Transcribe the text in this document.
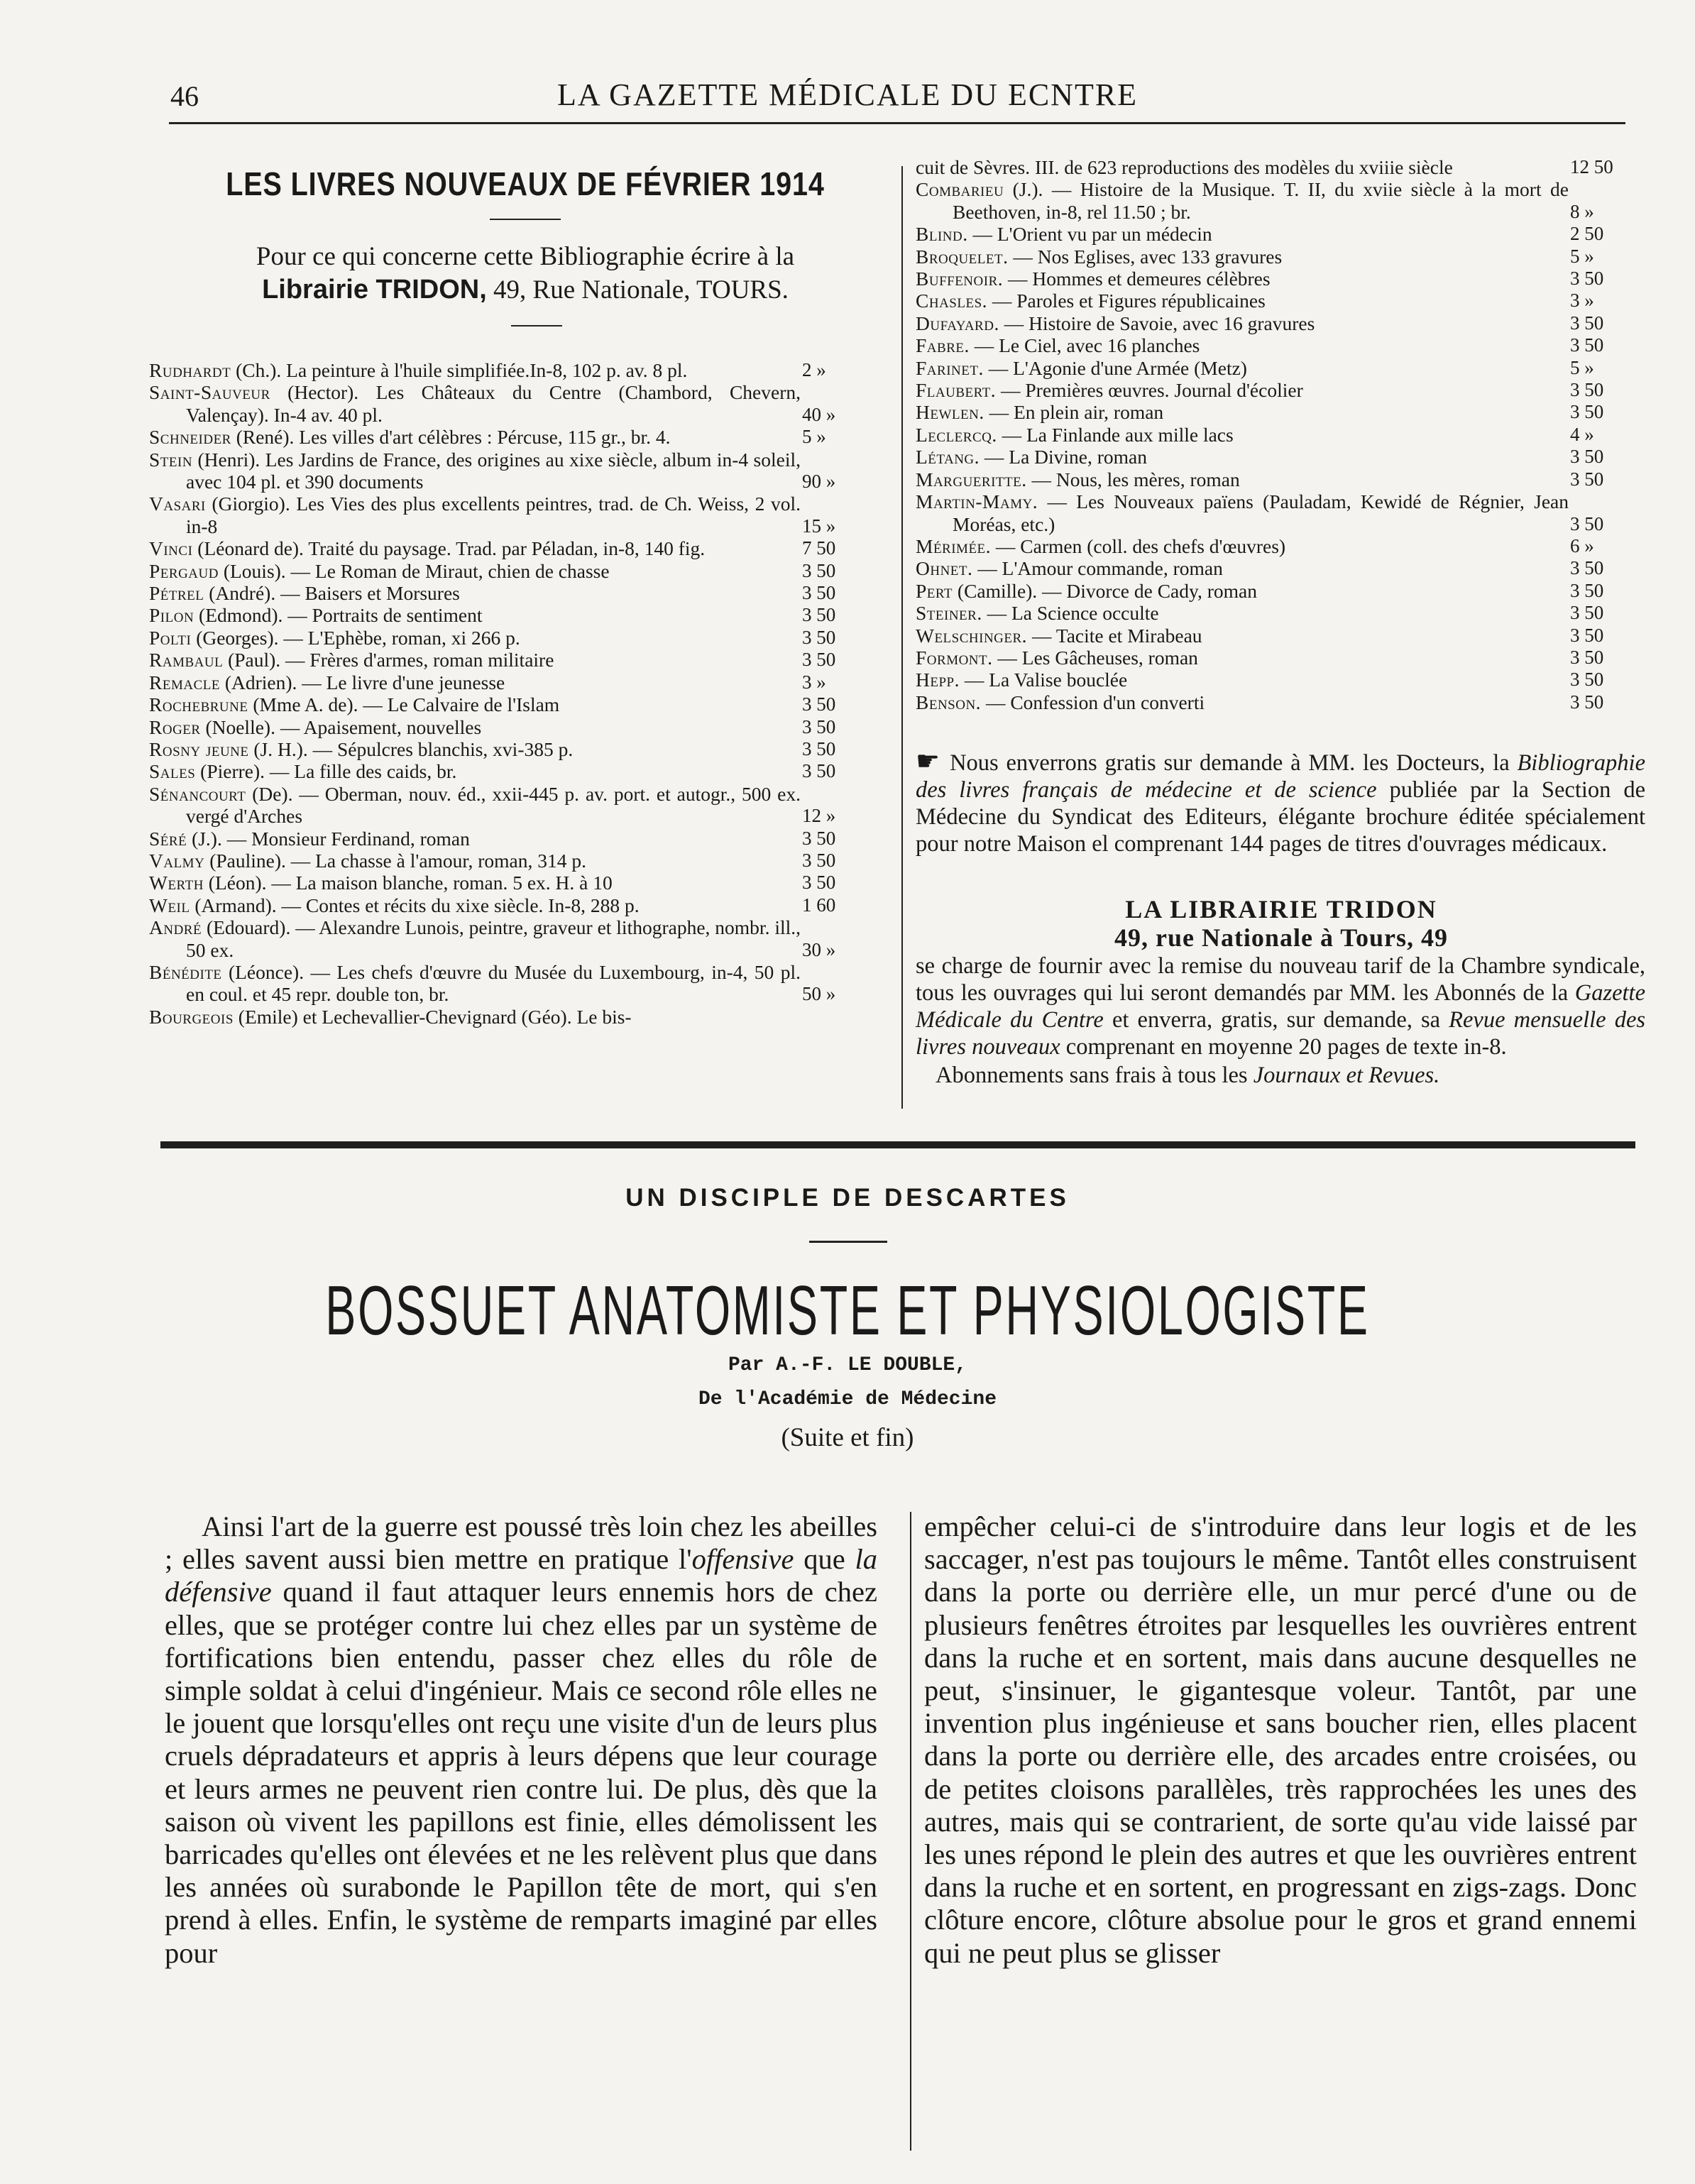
46	LA GAZETTE MÉDICALE DU ECNTRE
LES LIVRES NOUVEAUX DE FÉVRIER 1914
Pour ce qui concerne cette Bibliographie écrire à la
Librairie TRIDON, 49, Rue Nationale, TOURS.
Rudhardt (Ch.). La peinture à l'huile simplifiée.In-8, 102 p. av. 8 pl.	2 »
Saint-Sauveur (Hector). Les Châteaux du Centre (Chambord, Chevern, Valençay). In-4 av. 40 pl.	40 »
Schneider (René). Les villes d'art célèbres : Pércuse, 115 gr., br. 4.	5 »
Stein (Henri). Les Jardins de France, des origines au xixe siècle, album in-4 soleil, avec 104 pl. et 390 documents	90 »
Vasari (Giorgio). Les Vies des plus excellents peintres, trad. de Ch. Weiss, 2 vol. in-8	15 »
Vinci (Léonard de). Traité du paysage. Trad. par Péladan, in-8, 140 fig.	7 50
Pergaud (Louis). — Le Roman de Miraut, chien de chasse	3 50
Pétrel (André). — Baisers et Morsures	3 50
Pilon (Edmond). — Portraits de sentiment	3 50
Polti (Georges). — L'Ephèbe, roman, xi 266 p.	3 50
Rambaul (Paul). — Frères d'armes, roman militaire	3 50
Remacle (Adrien). — Le livre d'une jeunesse	3 »
Rochebrune (Mme A. de). — Le Calvaire de l'Islam	3 50
Roger (Noelle). — Apaisement, nouvelles	3 50
Rosny jeune (J. H.). — Sépulcres blanchis, xvi-385 p.	3 50
Sales (Pierre). — La fille des caids, br.	3 50
Sénancourt (De). — Oberman, nouv. éd., xxii-445 p. av. port. et autogr., 500 ex. vergé d'Arches	12 »
Séré (J.). — Monsieur Ferdinand, roman	3 50
Valmy (Pauline). — La chasse à l'amour, roman, 314 p.	3 50
Werth (Léon). — La maison blanche, roman. 5 ex. H. à 10	3 50
Weil (Armand). — Contes et récits du xixe siècle. In-8, 288 p.	1 60
André (Edouard). — Alexandre Lunois, peintre, graveur et lithographe, nombr. ill., 50 ex.	30 »
Bénédite (Léonce). — Les chefs d'œuvre du Musée du Luxembourg, in-4, 50 pl. en coul. et 45 repr. double ton, br.	50 »
Bourgeois (Emile) et Lechevallier-Chevignard (Géo). Le bis-
cuit de Sèvres. III. de 623 reproductions des modèles du xviiie siècle	12 50
Combarieu (J.). — Histoire de la Musique. T. II, du xviie siècle à la mort de Beethoven, in-8, rel 11.50 ; br.	8 »
Blind. — L'Orient vu par un médecin	2 50
Broquelet. — Nos Eglises, avec 133 gravures	5 »
Buffenoir. — Hommes et demeures célèbres	3 50
Chasles. — Paroles et Figures républicaines	3 »
Dufayard. — Histoire de Savoie, avec 16 gravures	3 50
Fabre. — Le Ciel, avec 16 planches	3 50
Farinet. — L'Agonie d'une Armée (Metz)	5 »
Flaubert. — Premières œuvres. Journal d'écolier	3 50
Hewlen. — En plein air, roman	3 50
Leclercq. — La Finlande aux mille lacs	4 »
Létang. — La Divine, roman	3 50
Margueritte. — Nous, les mères, roman	3 50
Martin-Mamy. — Les Nouveaux païens (Pauladam, Kewidé de Régnier, Jean Moréas, etc.)	3 50
Mérimée. — Carmen (coll. des chefs d'œuvres)	6 »
Ohnet. — L'Amour commande, roman	3 50
Pert (Camille). — Divorce de Cady, roman	3 50
Steiner. — La Science occulte	3 50
Welschinger. — Tacite et Mirabeau	3 50
Formont. — Les Gâcheuses, roman	3 50
Hepp. — La Valise bouclée	3 50
Benson. — Confession d'un converti	3 50
☛ Nous enverrons gratis sur demande à MM. les Docteurs, la Bibliographie des livres français de médecine et de science publiée par la Section de Médecine du Syndicat des Editeurs, élégante brochure éditée spécialement pour notre Maison el comprenant 144 pages de titres d'ouvrages médicaux.
LA LIBRAIRIE TRIDON
49, rue Nationale à Tours, 49
se charge de fournir avec la remise du nouveau tarif de la Chambre syndicale, tous les ouvrages qui lui seront demandés par MM. les Abonnés de la Gazette Médicale du Centre et enverra, gratis, sur demande, sa Revue mensuelle des livres nouveaux comprenant en moyenne 20 pages de texte in-8.
Abonnements sans frais à tous les Journaux et Revues.
UN DISCIPLE DE DESCARTES
BOSSUET ANATOMISTE ET PHYSIOLOGISTE
Par A.-F. LE DOUBLE,
De l'Académie de Médecine
(Suite et fin)
Ainsi l'art de la guerre est poussé très loin chez les abeilles ; elles savent aussi bien mettre en pratique l'offensive que la défensive quand il faut attaquer leurs ennemis hors de chez elles, que se protéger contre lui chez elles par un système de fortifications bien entendu, passer chez elles du rôle de simple soldat à celui d'ingénieur. Mais ce second rôle elles ne le jouent que lorsqu'elles ont reçu une visite d'un de leurs plus cruels dépradateurs et appris à leurs dépens que leur courage et leurs armes ne peuvent rien contre lui. De plus, dès que la saison où vivent les papillons est finie, elles démolissent les barricades qu'elles ont élevées et ne les relèvent plus que dans les années où surabonde le Papillon tête de mort, qui s'en prend à elles. Enfin, le système de remparts imaginé par elles pour
empêcher celui-ci de s'introduire dans leur logis et de les saccager, n'est pas toujours le même. Tantôt elles construisent dans la porte ou derrière elle, un mur percé d'une ou de plusieurs fenêtres étroites par lesquelles les ouvrières entrent dans la ruche et en sortent, mais dans aucune desquelles ne peut, s'insinuer, le gigantesque voleur. Tantôt, par une invention plus ingénieuse et sans boucher rien, elles placent dans la porte ou derrière elle, des arcades entre croisées, ou de petites cloisons parallèles, très rapprochées les unes des autres, mais qui se contrarient, de sorte qu'au vide laissé par les unes répond le plein des autres et que les ouvrières entrent dans la ruche et en sortent, en progressant en zigs-zags. Donc clôture encore, clôture absolue pour le gros et grand ennemi qui ne peut plus se glisser
